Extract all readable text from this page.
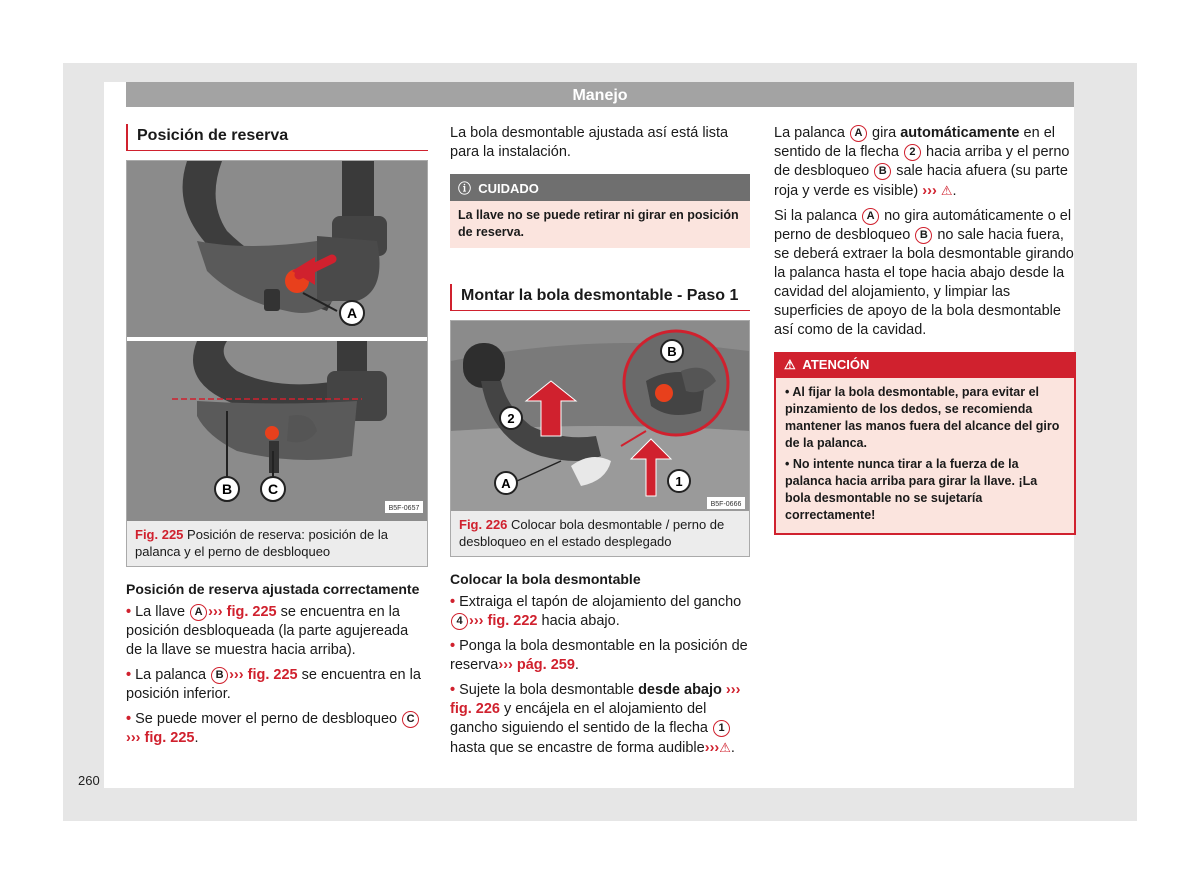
Manejo
Posición de reserva
A
B	C
B5F-0657
Fig. 225 Posición de reserva: posición de la palanca y el perno de desbloqueo
Posición de reserva ajustada correctamente
• La llave A ››› fig. 225 se encuentra en la posición desbloqueada (la parte agujereada de la llave se muestra hacia arriba).
• La palanca B ››› fig. 225 se encuentra en la posición inferior.
• Se puede mover el perno de desbloqueo C››› fig. 225.

La bola desmontable ajustada así está lista para la instalación.

ⓘ CUIDADO
La llave no se puede retirar ni girar en posición de reserva.
Montar la bola desmontable - Paso 1
B
2
A	1
B5F-0666
Fig. 226 Colocar bola desmontable / perno de desbloqueo en el estado desplegado
Colocar la bola desmontable
• Extraiga el tapón de alojamiento del gancho 4 ››› fig. 222 hacia abajo.
• Ponga la bola desmontable en la posición de reserva››› pág. 259.
• Sujete la bola desmontable desde abajo ››› fig. 226 y encájela en el alojamiento del gancho siguiendo el sentido de la flecha 1 hasta que se encastre de forma audible›››⚠.

La palanca A gira automáticamente en el sentido de la flecha 2 hacia arriba y el perno de desbloqueo B sale hacia afuera (su parte roja y verde es visible) ››› ⚠.

Si la palanca A no gira automáticamente o el perno de desbloqueo B no sale hacia fuera, se deberá extraer la bola desmontable girando la palanca hasta el tope hacia abajo desde la cavidad del alojamiento, y limpiar las superficies de apoyo de la bola desmontable así como de la cavidad.

⚠ ATENCIÓN
• Al fijar la bola desmontable, para evitar el pinzamiento de los dedos, se recomienda mantener las manos fuera del alcance del giro de la palanca.
• No intente nunca tirar a la fuerza de la palanca hacia arriba para girar la llave. ¡La bola desmontable no se sujetaría correctamente!
260
